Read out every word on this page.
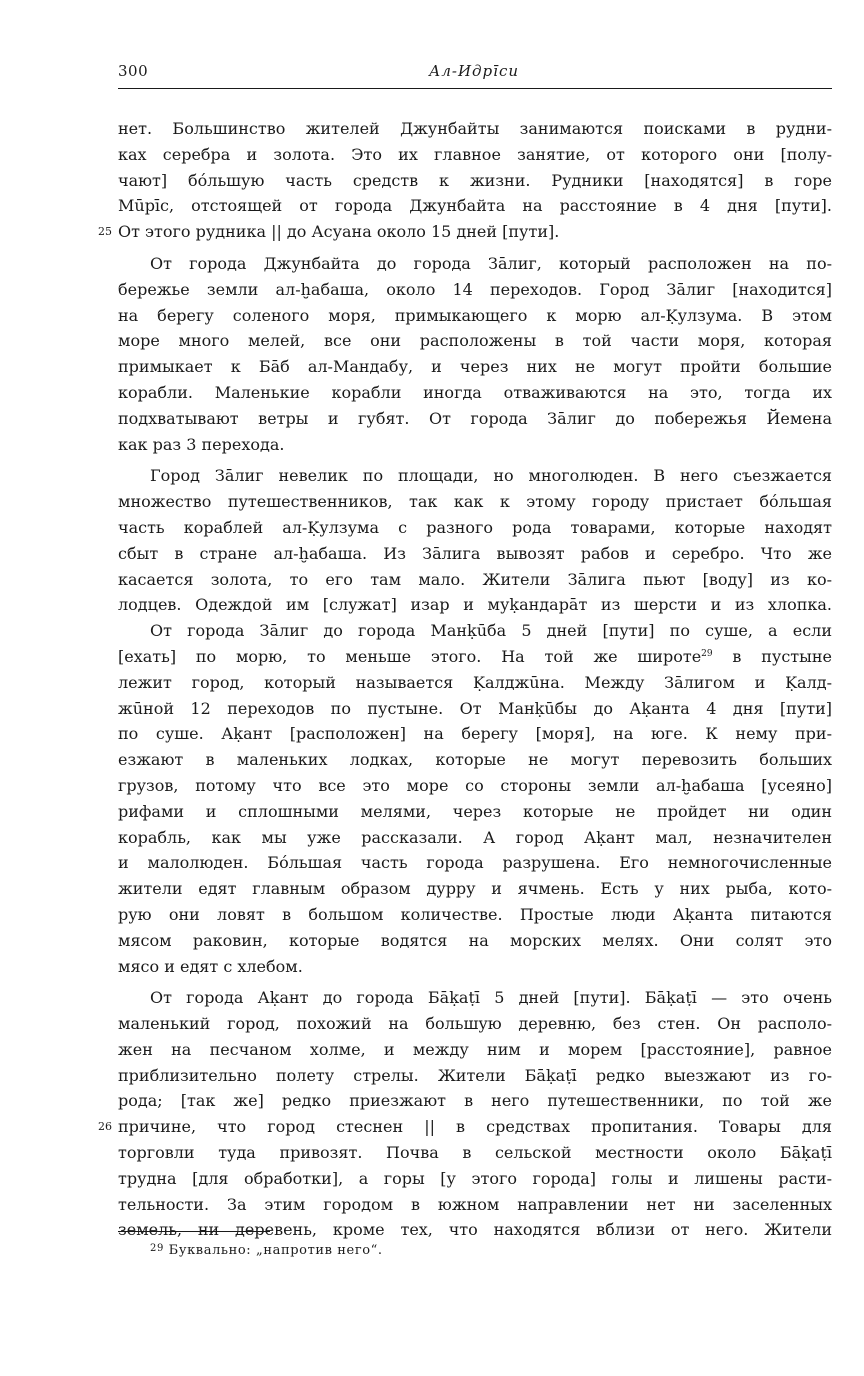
300	Ал-Идрīси
нет. Большинство жителей Джунбайты занимаются поисками в рудни-
ках серебра и золота. Это их главное занятие, от которого они [полу-
чают] бо́льшую часть средств к жизни. Рудники [находятся] в горе
Мūрīс, отстоящей от города Джунбайта на расстояние в 4 дня [пути].
25 От этого рудника || до Асуана около 15 дней [пути].
От города Джунбайта до города Зāлиг, который расположен на по-
бережье земли ал-ḫабаша, около 14 переходов. Город Зāлиг [находится]
на берегу соленого моря, примыкающего к морю ал-Ḳулзума. В этом
море много мелей, все они расположены в той части моря, которая
примыкает к Бāб ал-Мандабу, и через них не могут пройти большие
корабли. Маленькие корабли иногда отваживаются на это, тогда их
подхватывают ветры и губят. От города Зāлиг до побережья Йемена
как раз 3 перехода.
Город Зāлиг невелик по площади, но многолюден. В него съезжается
множество путешественников, так как к этому городу пристает бо́льшая
часть кораблей ал-Ḳулзума с разного рода товарами, которые находят
сбыт в стране ал-ḫабаша. Из Зāлига вывозят рабов и серебро. Что же
касается золота, то его там мало. Жители Зāлига пьют [воду] из ко-
лодцев. Одеждой им [служат] изар и муḳандарāт из шерсти и из хлопка.
От города Зāлиг до города Манḳūба 5 дней [пути] по суше, а если
[ехать] по морю, то меньше этого. На той же широте$^{29}$ в пустыне
лежит город, который называется Ḳалджūна. Между Зāлигом и Ḳалд-
жūной 12 переходов по пустыне. От Манḳūбы до Аḳанта 4 дня [пути]
по суше. Аḳант [расположен] на берегу [моря], на юге. К нему при-
езжают в маленьких лодках, которые не могут перевозить больших
грузов, потому что все это море со стороны земли ал-ḫабаша [усеяно]
рифами и сплошными мелями, через которые не пройдет ни один
корабль, как мы уже рассказали. А город Аḳант мал, незначителен
и малолюден. Бо́льшая часть города разрушена. Его немногочисленные
жители едят главным образом дурру и ячмень. Есть у них рыба, кото-
рую они ловят в большом количестве. Простые люди Аḳанта питаются
мясом раковин, которые водятся на морских мелях. Они солят это
мясо и едят с хлебом.
От города Аḳант до города Бāḳаṭī 5 дней [пути]. Бāḳаṭī — это очень
маленький город, похожий на большую деревню, без стен. Он располо-
жен на песчаном холме, и между ним и морем [расстояние], равное
приблизительно полету стрелы. Жители Бāḳаṭī редко выезжают из го-
рода; [так же] редко приезжают в него путешественники, по той же
26 причине, что город стеснен || в средствах пропитания. Товары для
торговли туда привозят. Почва в сельской местности около Бāḳаṭī
трудна [для обработки], а горы [у этого города] голы и лишены расти-
тельности. За этим городом в южном направлении нет ни заселенных
земель, ни деревень, кроме тех, что находятся вблизи от него. Жители
$^{29}$ Буквально: „напротив него“.
